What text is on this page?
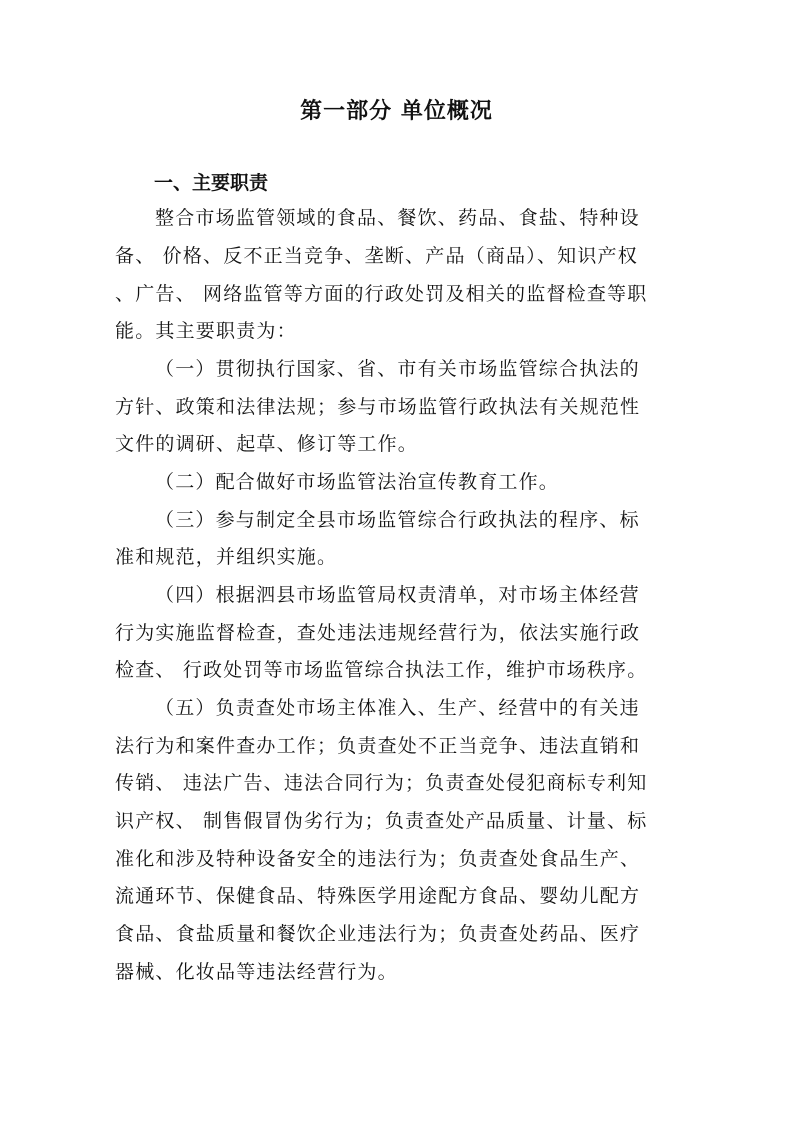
第一部分 单位概况
一、主要职责
整合市场监管领域的食品、餐饮、药品、食盐、特种设
备、 价格、反不正当竞争、垄断、产品（商品）、知识产权
、广告、 网络监管等方面的行政处罚及相关的监督检查等职
能。其主要职责为：
（一）贯彻执行国家、省、市有关市场监管综合执法的
方针、政策和法律法规；参与市场监管行政执法有关规范性
文件的调研、起草、修订等工作。
（二）配合做好市场监管法治宣传教育工作。
（三）参与制定全县市场监管综合行政执法的程序、标
准和规范，并组织实施。
（四）根据泗县市场监管局权责清单，对市场主体经营
行为实施监督检查，查处违法违规经营行为，依法实施行政
检查、 行政处罚等市场监管综合执法工作，维护市场秩序。
（五）负责查处市场主体准入、生产、经营中的有关违
法行为和案件查办工作；负责查处不正当竞争、违法直销和
传销、 违法广告、违法合同行为；负责查处侵犯商标专利知
识产权、 制售假冒伪劣行为；负责查处产品质量、计量、标
准化和涉及特种设备安全的违法行为；负责查处食品生产、
流通环节、保健食品、特殊医学用途配方食品、婴幼儿配方
食品、食盐质量和餐饮企业违法行为；负责查处药品、医疗
器械、化妆品等违法经营行为。
